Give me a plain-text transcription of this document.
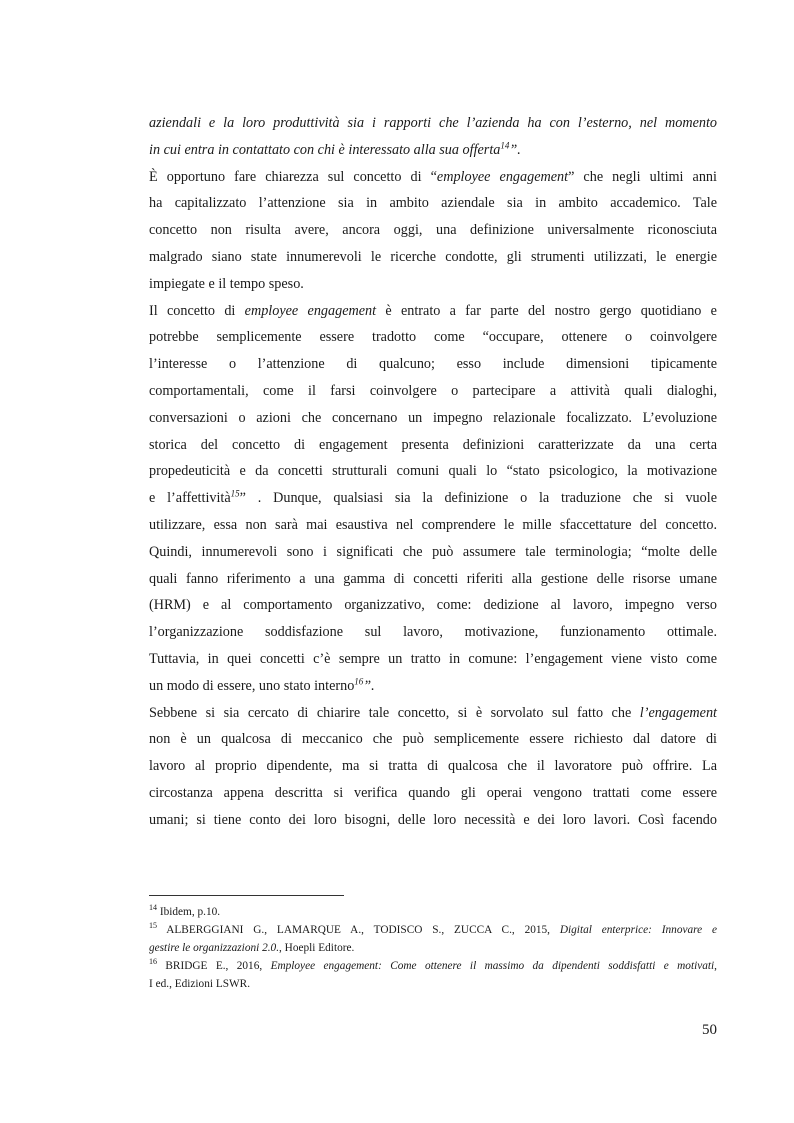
aziendali e la loro produttività sia i rapporti che l’azienda ha con l’esterno, nel momento
in cui entra in contattato con chi è interessato alla sua offerta$^{14}$”.

È opportuno fare chiarezza sul concetto di “employee engagement” che negli ultimi anni
ha capitalizzato l’attenzione sia in ambito aziendale sia in ambito accademico. Tale
concetto non risulta avere, ancora oggi, una definizione universalmente riconosciuta
malgrado siano state innumerevoli le ricerche condotte, gli strumenti utilizzati, le energie
impiegate e il tempo speso.

Il concetto di employee engagement è entrato a far parte del nostro gergo quotidiano e
potrebbe semplicemente essere tradotto come “occupare, ottenere o coinvolgere
l’interesse o l’attenzione di qualcuno; esso include dimensioni tipicamente
comportamentali, come il farsi coinvolgere o partecipare a attività quali dialoghi,
conversazioni o azioni che concernano un impegno relazionale focalizzato. L’evoluzione
storica del concetto di engagement presenta definizioni caratterizzate da una certa
propedeuticità e da concetti strutturali comuni quali lo “stato psicologico, la motivazione
e l’affettività$^{15}$” . Dunque, qualsiasi sia la definizione o la traduzione che si vuole
utilizzare, essa non sarà mai esaustiva nel comprendere le mille sfaccettature del concetto.
Quindi, innumerevoli sono i significati che può assumere tale terminologia; “molte delle
quali fanno riferimento a una gamma di concetti riferiti alla gestione delle risorse umane
(HRM) e al comportamento organizzativo, come: dedizione al lavoro, impegno verso
l’organizzazione soddisfazione sul lavoro, motivazione, funzionamento ottimale.
Tuttavia, in quei concetti c’è sempre un tratto in comune: l’engagement viene visto come
un modo di essere, uno stato interno$^{16}$”.

Sebbene si sia cercato di chiarire tale concetto, si è sorvolato sul fatto che l’engagement
non è un qualcosa di meccanico che può semplicemente essere richiesto dal datore di
lavoro al proprio dipendente, ma si tratta di qualcosa che il lavoratore può offrire. La
circostanza appena descritta si verifica quando gli operai vengono trattati come essere
umani; si tiene conto dei loro bisogni, delle loro necessità e dei loro lavori. Così facendo

$^{14}$ Ibidem, p.10.

$^{15}$ ALBERGGIANI G., LAMARQUE A., TODISCO S., ZUCCA C., 2015, Digital enterprice: Innovare e
gestire le organizzazioni 2.0., Hoepli Editore.

$^{16}$ BRIDGE E., 2016, Employee engagement: Come ottenere il massimo da dipendenti soddisfatti e motivati,
I ed., Edizioni LSWR.

50
